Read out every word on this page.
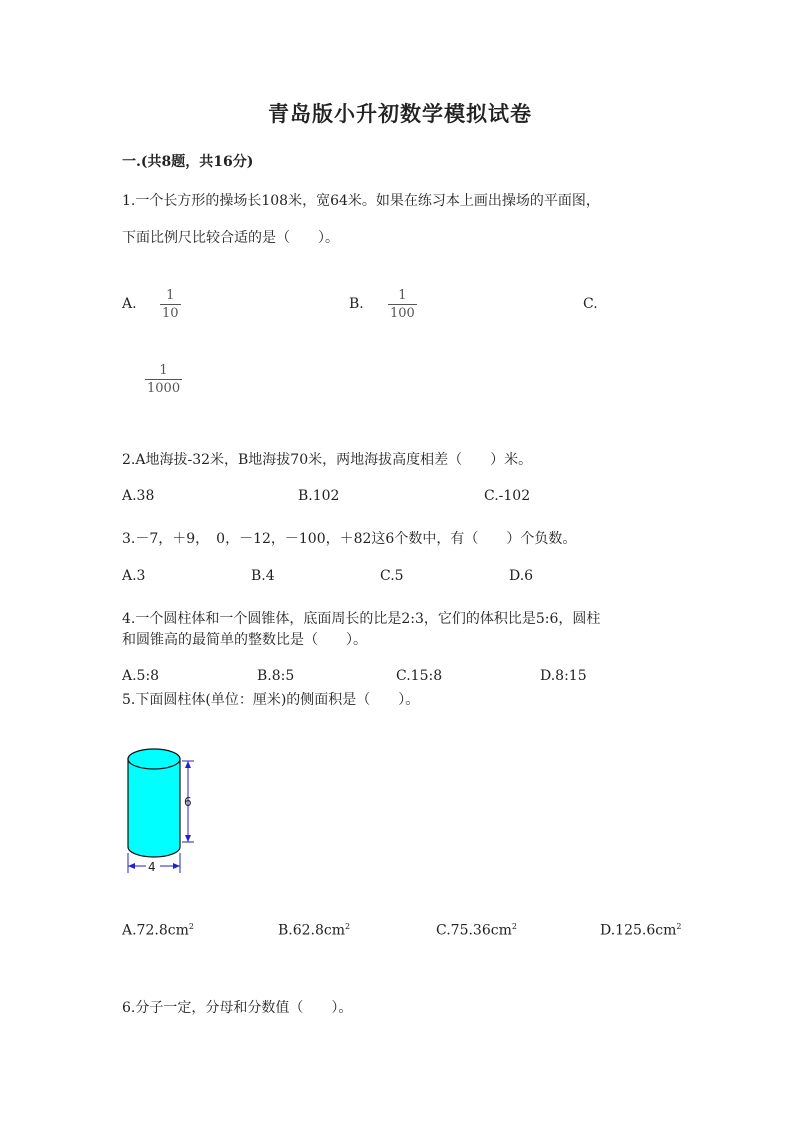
青岛版小升初数学模拟试卷
一.(共8题，共16分)
1.一个长方形的操场长108米，宽64米。如果在练习本上画出操场的平面图，
下面比例尺比较合适的是（　　）。
A.
1
10
B.
1
100
C.
1
1000
2.A地海拔-32米，B地海拔70米，两地海拔高度相差（　　）米。
A.38	B.102	C.-102
3.－7，＋9，　0，－12，－100，＋82这6个数中，有（　　）个负数。
A.3	B.4	C.5	D.6
4.一个圆柱体和一个圆锥体，底面周长的比是2:3，它们的体积比是5:6，圆柱
和圆锥高的最简单的整数比是（　　）。
A.5:8	B.8:5	C.15:8	D.8:15
5.下面圆柱体(单位：厘米)的侧面积是（　　）。
6
4
$A.72.8cm^2$	$B.62.8cm^2$	$C.75.36cm^2$	$D.125.6cm^2$
6.分子一定，分母和分数值（　　）。
